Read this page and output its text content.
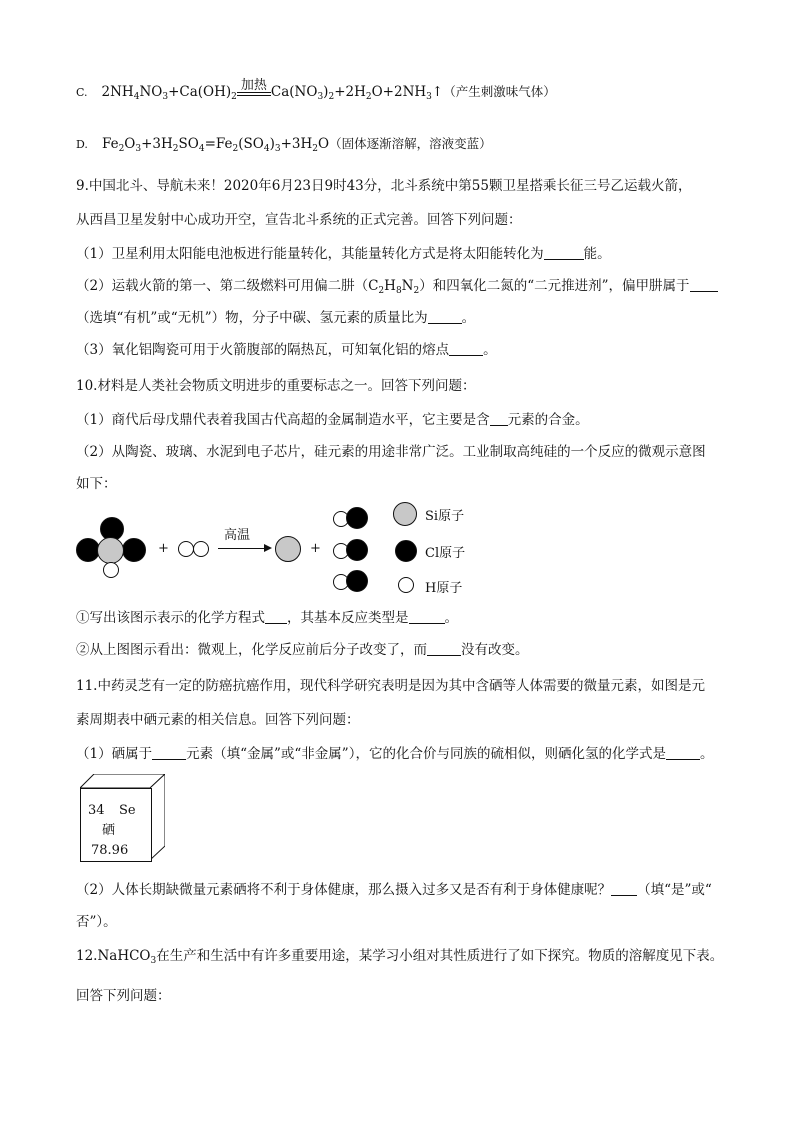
C. $2NH_4NO_3+Ca(OH)_2$
加热 $Ca(NO_3)_2+2H_2O+2NH_3↑$（产生刺激味气体）
D. $Fe_2O_3+3H_2SO_4=Fe_2(SO_4)_3+3H_2O$（固体逐渐溶解，溶液变蓝）
9.中国北斗、导航未来！2020年6月23日9时43分，北斗系统中第55颗卫星搭乘长征三号乙运载火箭，
从西昌卫星发射中心成功开空，宣告北斗系统的正式完善。回答下列问题：
（1）卫星利用太阳能电池板进行能量转化，其能量转化方式是将太阳能转化为	能。
（2）运载火箭的第一、第二级燃料可用偏二肼$(C_2H_8N_2)$和四氧化二氮的“二元推进剂”，偏甲肼属于
（选填“有机”或“无机”）物，分子中碳、氢元素的质量比为	。
（3）氧化铝陶瓷可用于火箭腹部的隔热瓦，可知氧化铝的熔点	。
10.材料是人类社会物质文明进步的重要标志之一。回答下列问题：
（1）商代后母戊鼎代表着我国古代高超的金属制造水平，它主要是含 元素的合金。
（2）从陶瓷、玻璃、水泥到电子芯片，硅元素的用途非常广泛。工业制取高纯硅的一个反应的微观示意图
如下：
+
高温
+
Si原子
Cl原子
H原子
①写出该图示表示的化学方程式 ，其基本反应类型是	。
②从上图图示看出：微观上，化学反应前后分子改变了，而	没有改变。
11.中药灵芝有一定的防癌抗癌作用，现代科学研究表明是因为其中含硒等人体需要的微量元素，如图是元
素周期表中硒元素的相关信息。回答下列问题：
（1）硒属于	元素（填“金属”或“非金属”），它的化合价与同族的硫相似，则硒化氢的化学式是	。
34 Se
硒
78.96
（2）人体长期缺微量元素硒将不利于身体健康，那么摄入过多又是否有利于身体健康呢？ （填“是”或“
否”）。
12.NaHCO$_3$在生产和生活中有许多重要用途，某学习小组对其性质进行了如下探究。物质的溶解度见下表。
回答下列问题：
